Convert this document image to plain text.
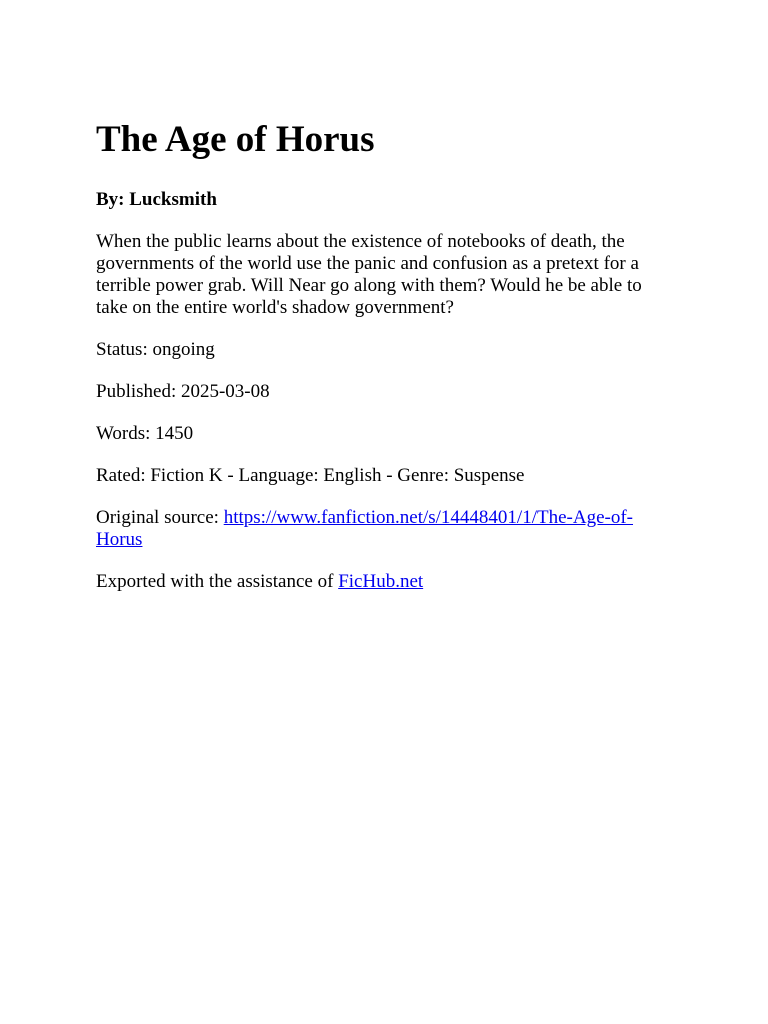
The Age of Horus
By: Lucksmith

When the public learns about the existence of notebooks of death, the governments of the world use the panic and confusion as a pretext for a terrible power grab. Will Near go along with them? Would he be able to take on the entire world's shadow government?

Status: ongoing

Published: 2025-03-08

Words: 1450

Rated: Fiction K - Language: English - Genre: Suspense

Original source: https://www.fanfiction.net/s/14448401/1/The-Age-of-Horus

Exported with the assistance of FicHub.net
